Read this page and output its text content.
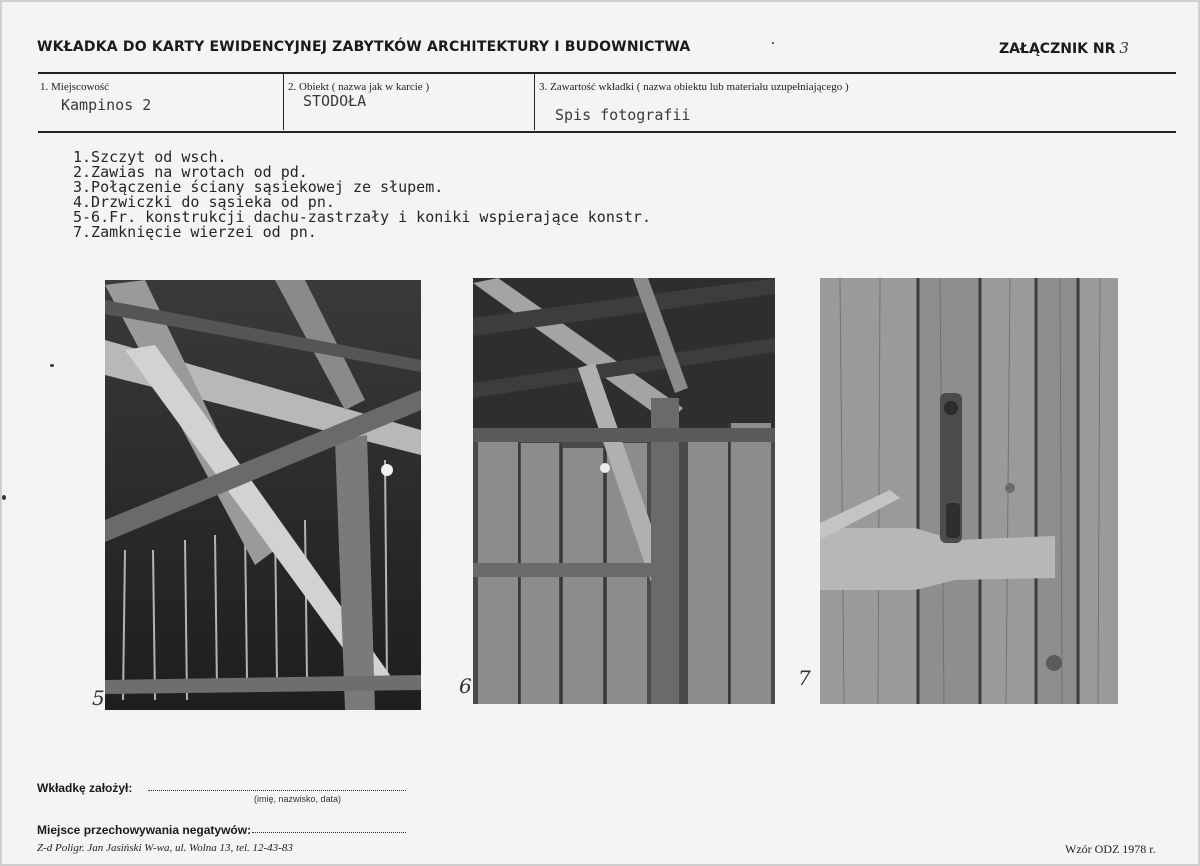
WKŁADKA DO KARTY EWIDENCYJNEJ ZABYTKÓW ARCHITEKTURY I BUDOWNICTWA	ZAŁĄCZNIK NR 3
1. Miejscowość
Kampinos 2
2. Obiekt ( nazwa jak w karcie )
STODOŁA
3. Zawartość wkładki ( nazwa obiektu lub materiału uzupełniającego )
Spis fotografii
1.Szczyt od wsch.
2.Zawias na wrotach od pd.
3.Połączenie ściany sąsiekowej ze słupem.
4.Drzwiczki do sąsieka od pn.
5-6.Fr. konstrukcji dachu-zastrzały i koniki wspierające konstr.
7.Zamknięcie wierzei od pn.
5	6	7
Wkładkę założył:
(imię, nazwisko, data)
Miejsce przechowywania negatywów:
Z-d Poligr. Jan Jasiński W-wa, ul. Wolna 13, tel. 12-43-83	Wzór ODZ 1978 r.
